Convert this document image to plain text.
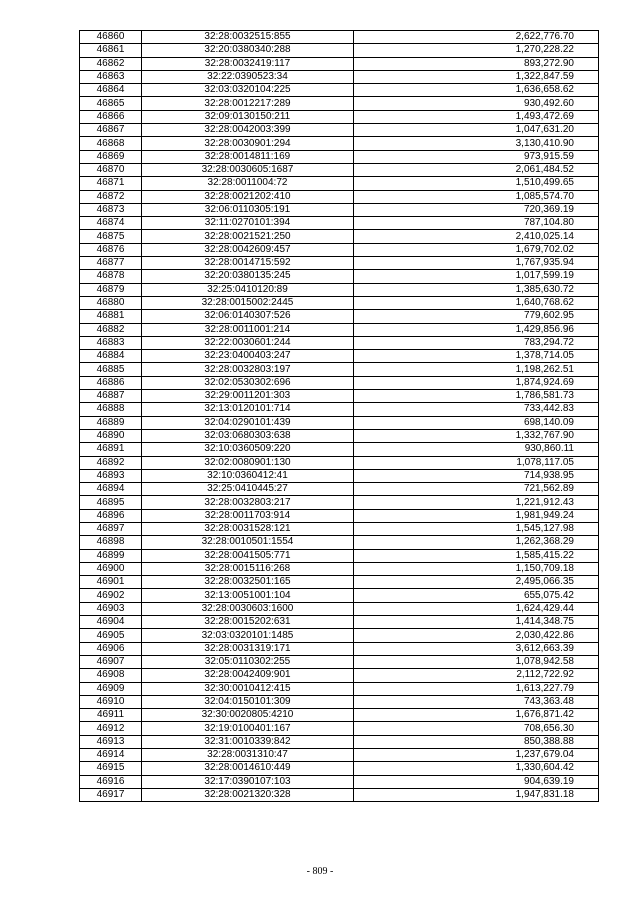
46860	32:28:0032515:855	2,622,776.70
46861	32:20:0380340:288	1,270,228.22
46862	32:28:0032419:117	893,272.90
46863	32:22:0390523:34	1,322,847.59
46864	32:03:0320104:225	1,636,658.62
46865	32:28:0012217:289	930,492.60
46866	32:09:0130150:211	1,493,472.69
46867	32:28:0042003:399	1,047,631.20
46868	32:28:0030901:294	3,130,410.90
46869	32:28:0014811:169	973,915.59
46870	32:28:0030605:1687	2,061,484.52
46871	32:28:0011004:72	1,510,499.65
46872	32:28:0021202:410	1,085,574.70
46873	32:06:0110305:191	720,369.19
46874	32:11:0270101:394	787,104.80
46875	32:28:0021521:250	2,410,025.14
46876	32:28:0042609:457	1,679,702.02
46877	32:28:0014715:592	1,767,935.94
46878	32:20:0380135:245	1,017,599.19
46879	32:25:0410120:89	1,385,630.72
46880	32:28:0015002:2445	1,640,768.62
46881	32:06:0140307:526	779,602.95
46882	32:28:0011001:214	1,429,856.96
46883	32:22:0030601:244	783,294.72
46884	32:23:0400403:247	1,378,714.05
46885	32:28:0032803:197	1,198,262.51
46886	32:02:0530302:696	1,874,924.69
46887	32:29:0011201:303	1,786,581.73
46888	32:13:0120101:714	733,442.83
46889	32:04:0290101:439	698,140.09
46890	32:03:0680303:638	1,332,767.90
46891	32:10:0360509:220	930,860.11
46892	32:02:0080901:130	1,078,117.05
46893	32:10:0360412:41	714,938.95
46894	32:25:0410445:27	721,562.89
46895	32:28:0032803:217	1,221,912.43
46896	32:28:0011703:914	1,981,949.24
46897	32:28:0031528:121	1,545,127.98
46898	32:28:0010501:1554	1,262,368.29
46899	32:28:0041505:771	1,585,415.22
46900	32:28:0015116:268	1,150,709.18
46901	32:28:0032501:165	2,495,066.35
46902	32:13:0051001:104	655,075.42
46903	32:28:0030603:1600	1,624,429.44
46904	32:28:0015202:631	1,414,348.75
46905	32:03:0320101:1485	2,030,422.86
46906	32:28:0031319:171	3,612,663.39
46907	32:05:0110302:255	1,078,942.58
46908	32:28:0042409:901	2,112,722.92
46909	32:30:0010412:415	1,613,227.79
46910	32:04:0150101:309	743,363.48
46911	32:30:0020805:4210	1,676,871.42
46912	32:19:0100401:167	708,656.30
46913	32:31:0010339:842	850,388.88
46914	32:28:0031310:47	1,237,679.04
46915	32:28:0014610:449	1,330,604.42
46916	32:17:0390107:103	904,639.19
46917	32:28:0021320:328	1,947,831.18
- 809 -
